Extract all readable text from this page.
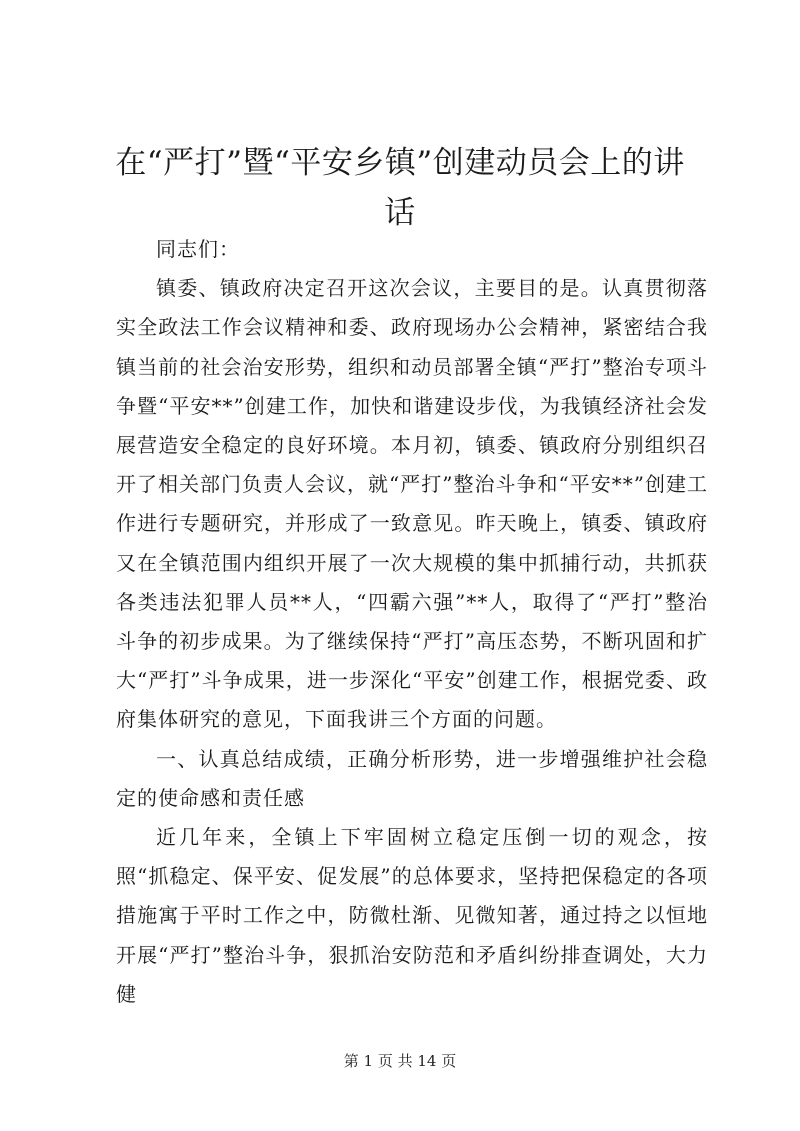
在“严打”暨“平安乡镇”创建动员会上的讲话

同志们：

镇委、镇政府决定召开这次会议，主要目的是。认真贯彻落实全政法工作会议精神和委、政府现场办公会精神，紧密结合我镇当前的社会治安形势，组织和动员部署全镇“严打”整治专项斗争暨“平安**”创建工作，加快和谐建设步伐，为我镇经济社会发展营造安全稳定的良好环境。本月初，镇委、镇政府分别组织召开了相关部门负责人会议，就“严打”整治斗争和“平安**”创建工作进行专题研究，并形成了一致意见。昨天晚上，镇委、镇政府又在全镇范围内组织开展了一次大规模的集中抓捕行动，共抓获各类违法犯罪人员**人，“四霸六强”**人，取得了“严打”整治斗争的初步成果。为了继续保持“严打”高压态势，不断巩固和扩大“严打”斗争成果，进一步深化“平安”创建工作，根据党委、政府集体研究的意见，下面我讲三个方面的问题。

一、认真总结成绩，正确分析形势，进一步增强维护社会稳定的使命感和责任感

近几年来，全镇上下牢固树立稳定压倒一切的观念，按照“抓稳定、保平安、促发展”的总体要求，坚持把保稳定的各项措施寓于平时工作之中，防微杜渐、见微知著，通过持之以恒地开展“严打”整治斗争，狠抓治安防范和矛盾纠纷排查调处，大力健

第 1 页 共 14 页
